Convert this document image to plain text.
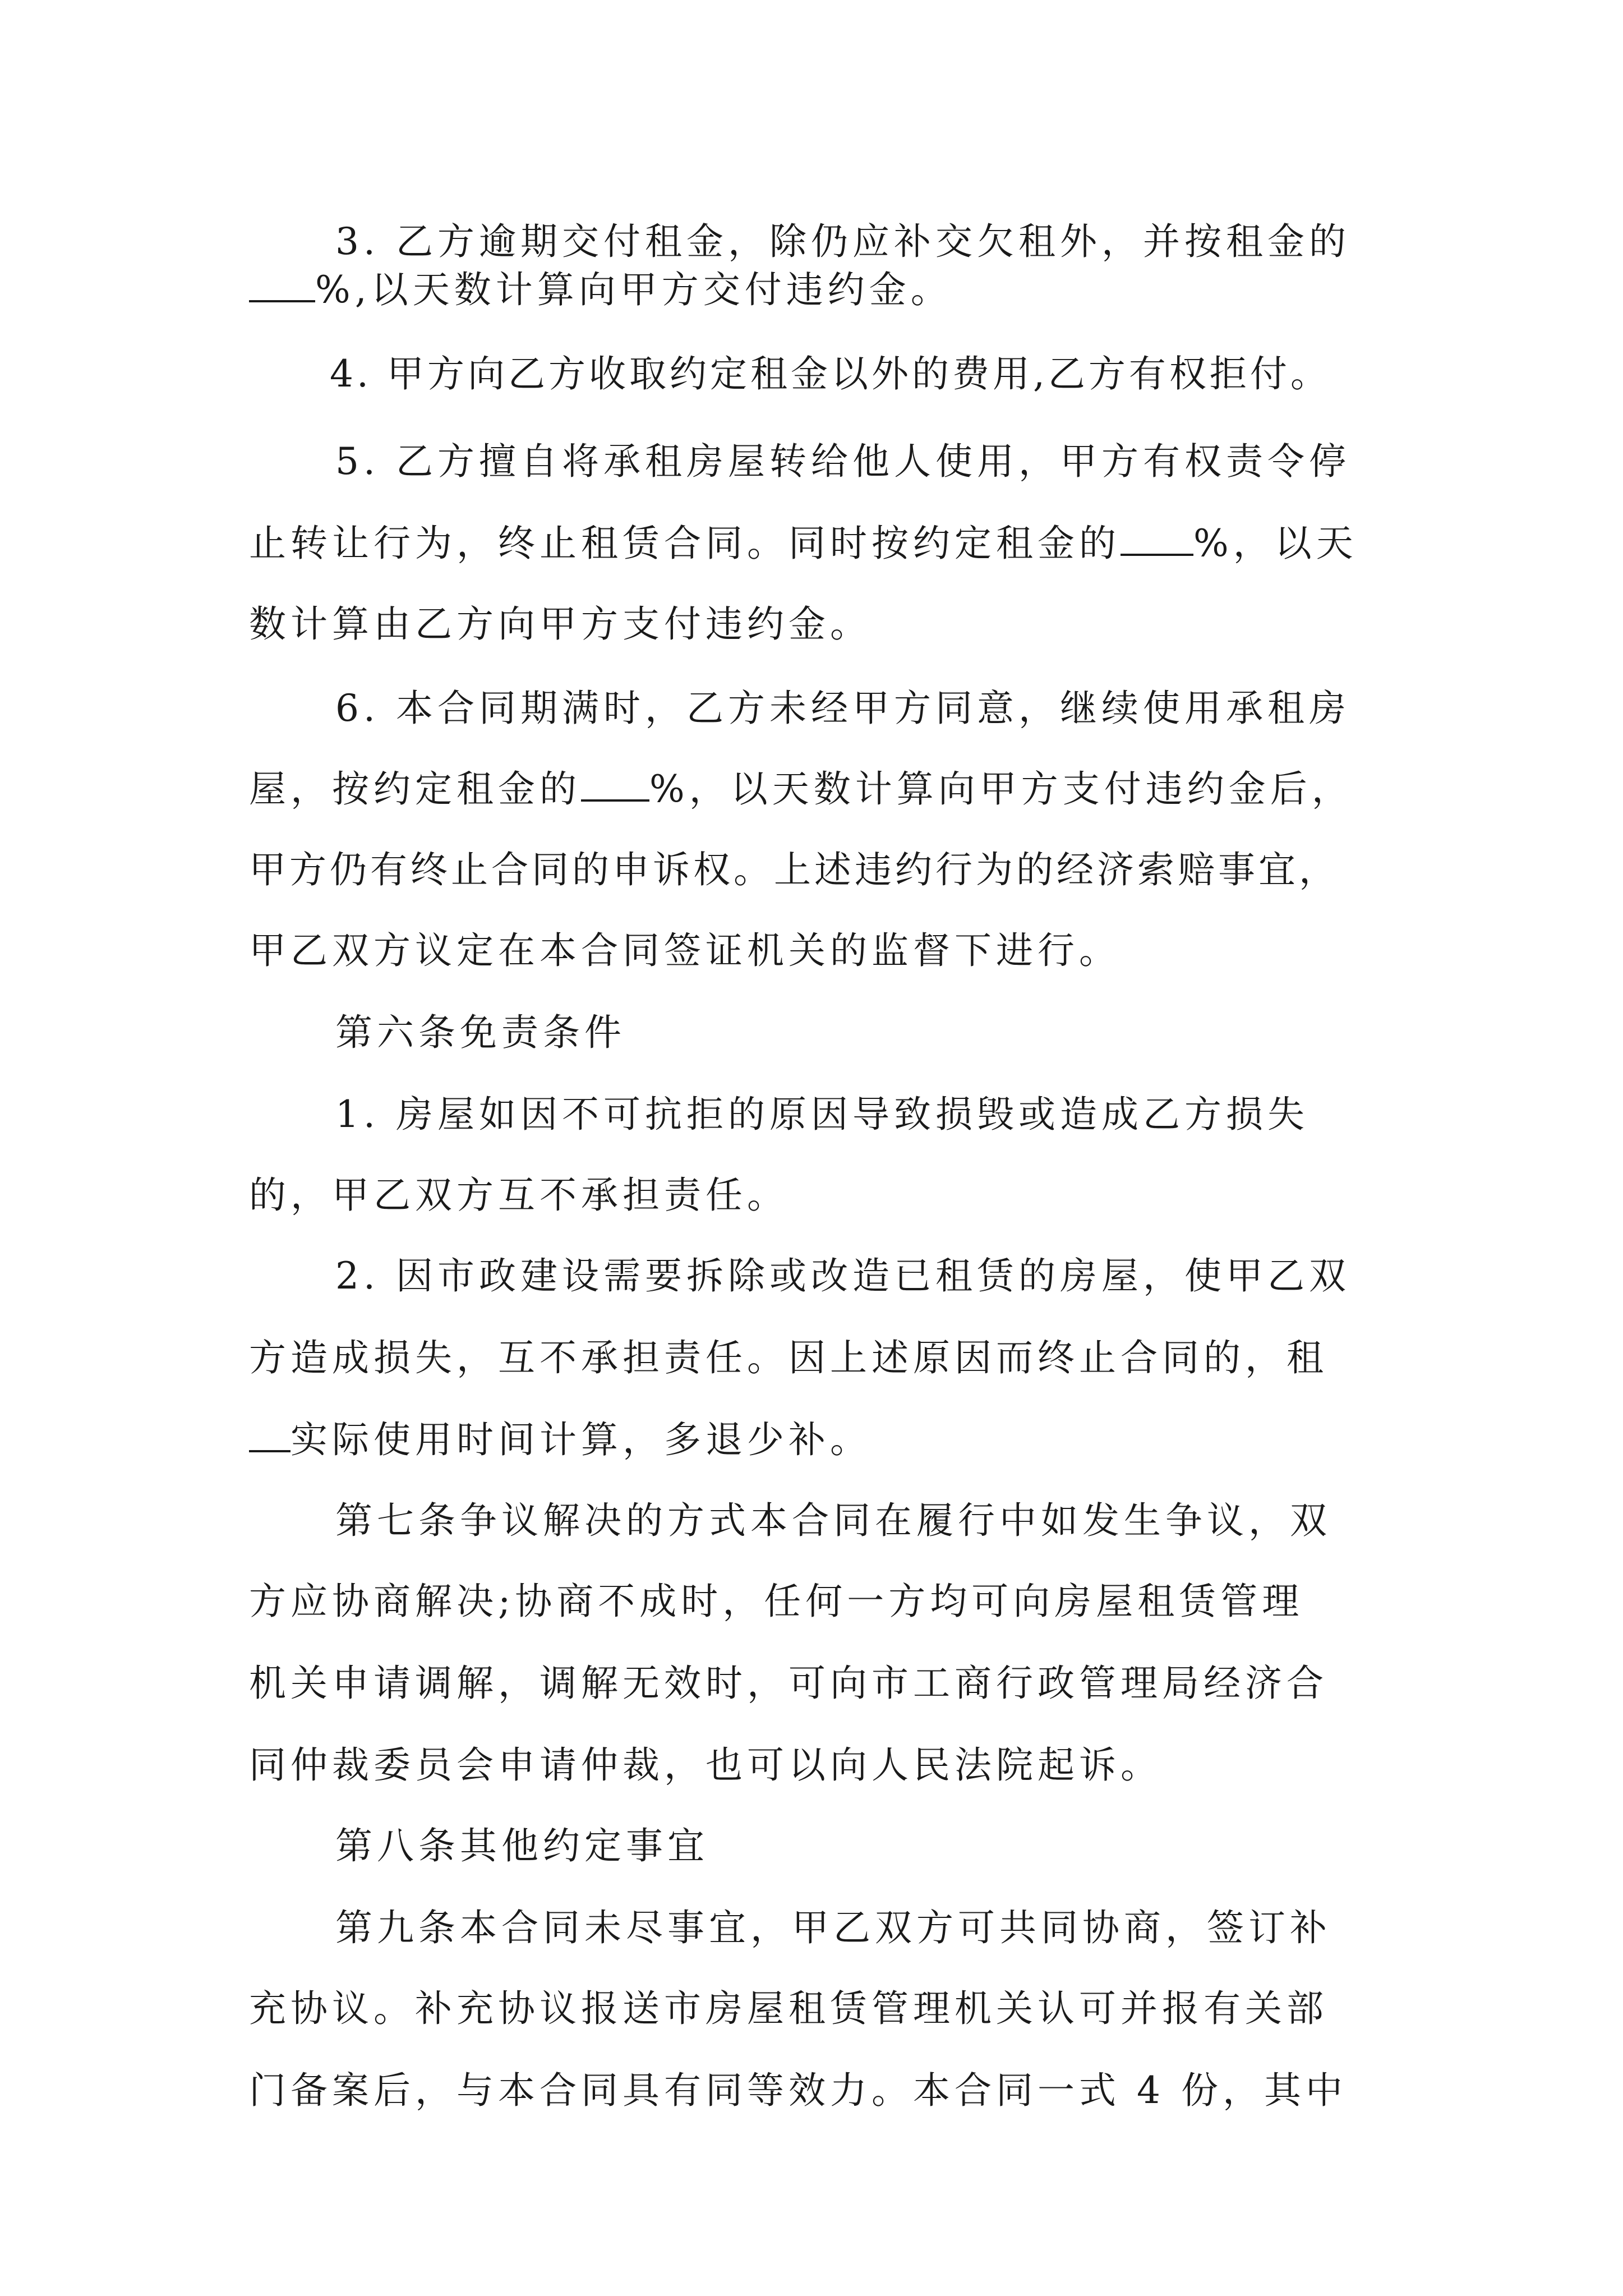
3. 乙方逾期交付租金，除仍应补交欠租外，并按租金的
%,以天数计算向甲方交付违约金。
4. 甲方向乙方收取约定租金以外的费用,乙方有权拒付。
5. 乙方擅自将承租房屋转给他人使用，甲方有权责令停
止转让行为，终止租赁合同。同时按约定租金的 %，以天
数计算由乙方向甲方支付违约金。
6. 本合同期满时，乙方未经甲方同意，继续使用承租房
屋，按约定租金的 %，以天数计算向甲方支付违约金后，
甲方仍有终止合同的申诉权。上述违约行为的经济索赔事宜，
甲乙双方议定在本合同签证机关的监督下进行。
第六条免责条件
1. 房屋如因不可抗拒的原因导致损毁或造成乙方损失
的，甲乙双方互不承担责任。
2. 因市政建设需要拆除或改造已租赁的房屋，使甲乙双
方造成损失，互不承担责任。因上述原因而终止合同的，租
实际使用时间计算，多退少补。
第七条争议解决的方式本合同在履行中如发生争议，双
方应协商解决;协商不成时，任何一方均可向房屋租赁管理
机关申请调解，调解无效时，可向市工商行政管理局经济合
同仲裁委员会申请仲裁，也可以向人民法院起诉。
第八条其他约定事宜
第九条本合同未尽事宜，甲乙双方可共同协商，签订补
充协议。补充协议报送市房屋租赁管理机关认可并报有关部
门备案后，与本合同具有同等效力。本合同一式 4 份，其中
